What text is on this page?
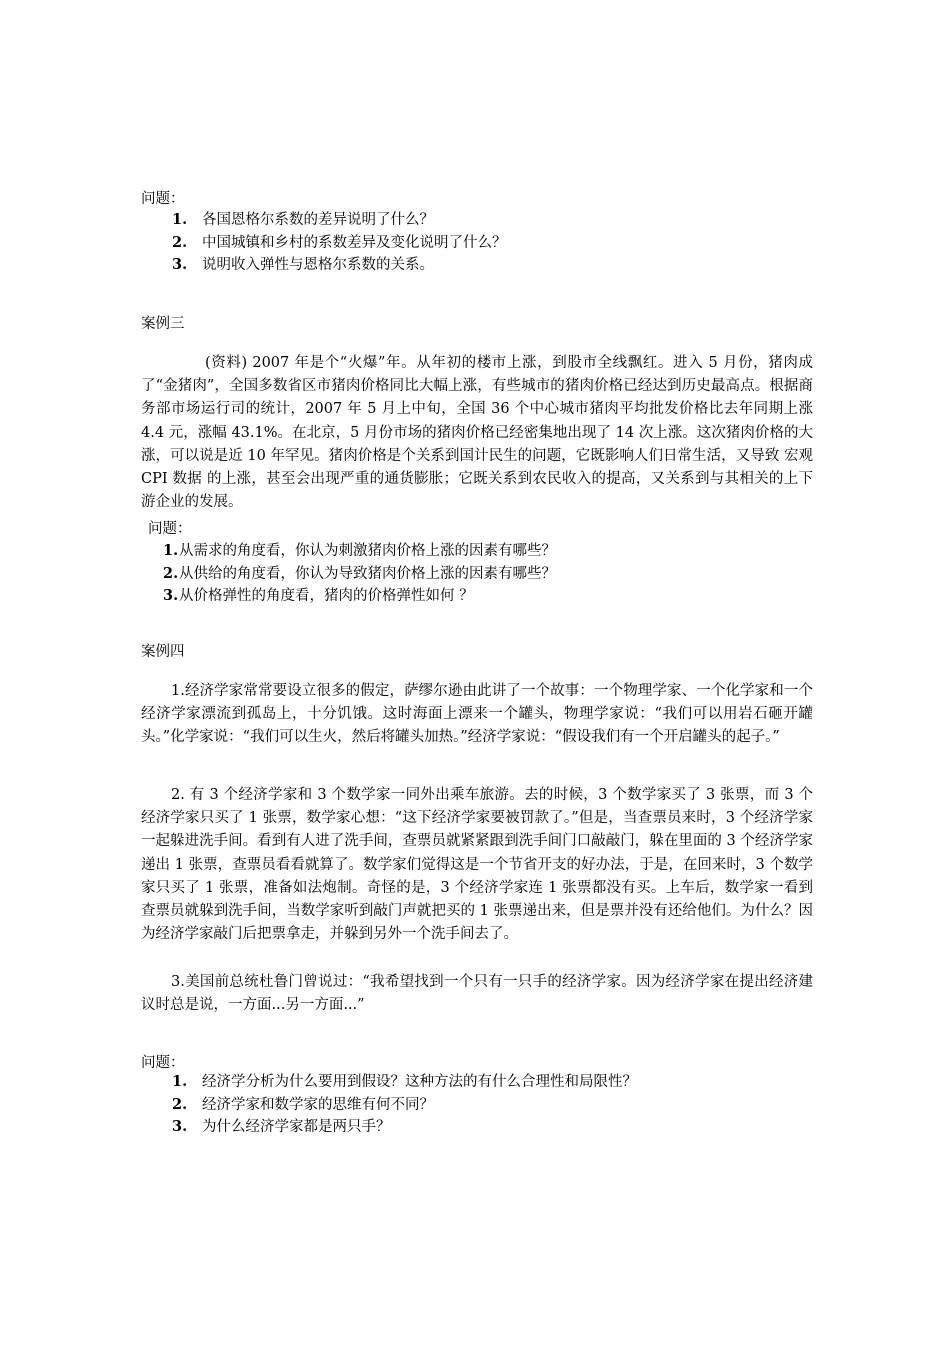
问题：

1. 各国恩格尔系数的差异说明了什么？
2. 中国城镇和乡村的系数差异及变化说明了什么？
3. 说明收入弹性与恩格尔系数的关系。

案例三

(资料) 2007 年是个“火爆”年。从年初的楼市上涨，到股市全线飘红。进入 5 月份，猪肉成了“金猪肉”，全国多数省区市猪肉价格同比大幅上涨，有些城市的猪肉价格已经达到历史最高点。根据商务部市场运行司的统计，2007 年 5 月上中旬，全国 36 个中心城市猪肉平均批发价格比去年同期上涨 4.4 元，涨幅 43.1%。在北京，5 月份市场的猪肉价格已经密集地出现了 14 次上涨。这次猪肉价格的大涨，可以说是近 10 年罕见。猪肉价格是个关系到国计民生的问题，它既影响人们日常生活，又导致 宏观 CPI 数据 的上涨，甚至会出现严重的通货膨胀；它既关系到农民收入的提高，又关系到与其相关的上下游企业的发展。

问题：

1.从需求的角度看，你认为刺激猪肉价格上涨的因素有哪些？
2.从供给的角度看，你认为导致猪肉价格上涨的因素有哪些？
3.从价格弹性的角度看，猪肉的价格弹性如何 ？

案例四

1.经济学家常常要设立很多的假定，萨缪尔逊由此讲了一个故事：一个物理学家、一个化学家和一个经济学家漂流到孤岛上，十分饥饿。这时海面上漂来一个罐头，物理学家说：“我们可以用岩石砸开罐头。”化学家说：“我们可以生火，然后将罐头加热。”经济学家说：“假设我们有一个开启罐头的起子。”

2. 有 3 个经济学家和 3 个数学家一同外出乘车旅游。去的时候，3 个数学家买了 3 张票，而 3 个经济学家只买了 1 张票，数学家心想：“这下经济学家要被罚款了。”但是，当查票员来时，3 个经济学家一起躲进洗手间。看到有人进了洗手间，查票员就紧紧跟到洗手间门口敲敲门，躲在里面的 3 个经济学家递出 1 张票，查票员看看就算了。数学家们觉得这是一个节省开支的好办法，于是，在回来时，3 个数学家只买了 1 张票，准备如法炮制。奇怪的是，3 个经济学家连 1 张票都没有买。上车后，数学家一看到查票员就躲到洗手间，当数学家听到敲门声就把买的 1 张票递出来，但是票并没有还给他们。为什么？因为经济学家敲门后把票拿走，并躲到另外一个洗手间去了。

3.美国前总统杜鲁门曾说过：“我希望找到一个只有一只手的经济学家。因为经济学家在提出经济建议时总是说，一方面...另一方面...”

问题：

1. 经济学分析为什么要用到假设？这种方法的有什么合理性和局限性？
2. 经济学家和数学家的思维有何不同？
3. 为什么经济学家都是两只手？
